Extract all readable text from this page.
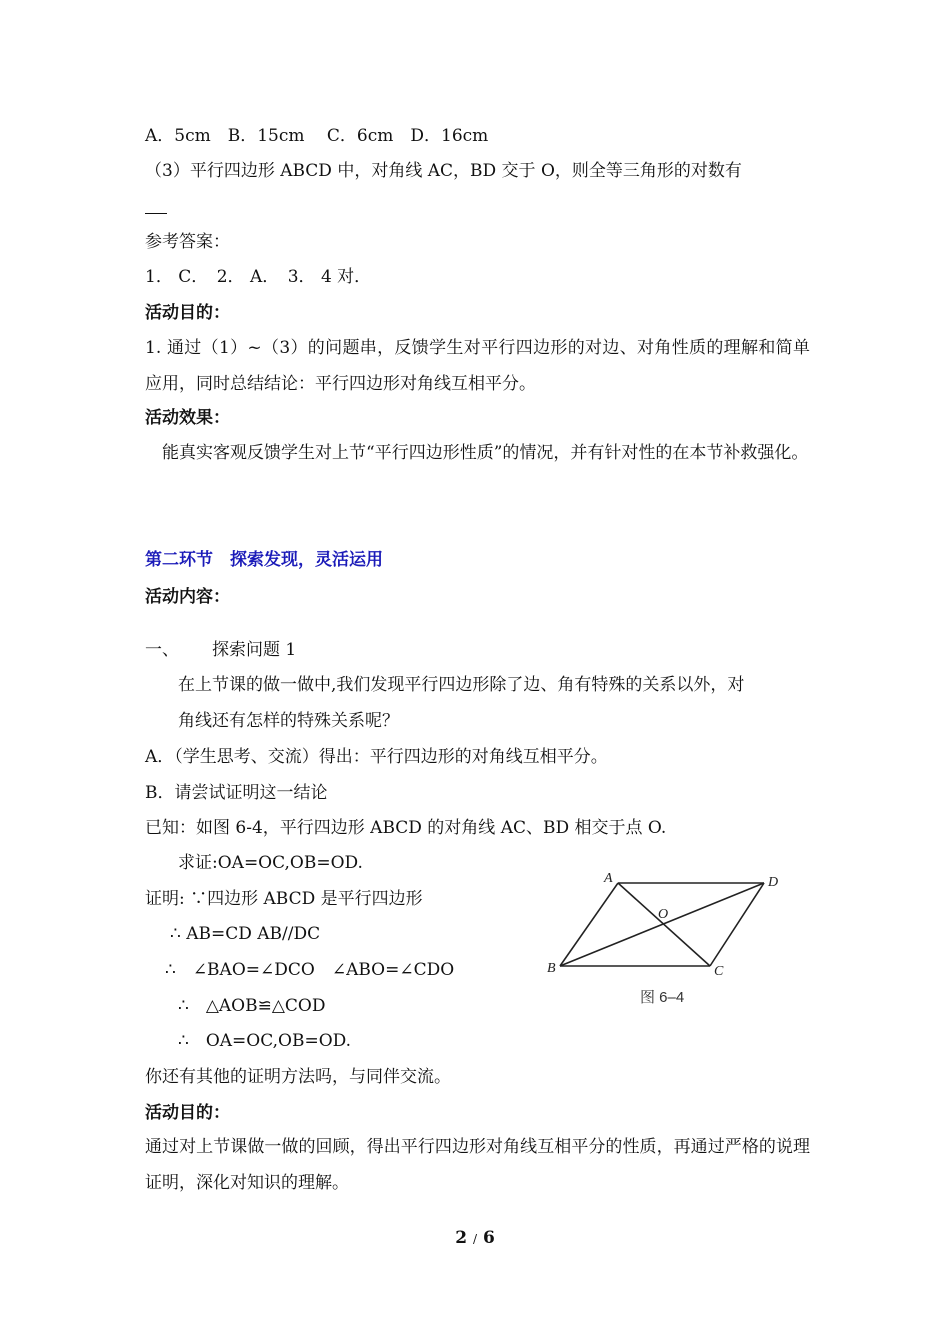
A．5cm　B．15cm 　C．6cm　D．16cm
（3）平行四边形 ABCD 中，对角线 AC，BD 交于 O，则全等三角形的对数有
参考答案：
1． C．　2． A．　3． 4 对．
活动目的：
1. 通过（1）~（3）的问题串，反馈学生对平行四边形的对边、对角性质的理解和简单应用，同时总结结论：平行四边形对角线互相平分。
活动效果：
　能真实客观反馈学生对上节“平行四边形性质”的情况，并有针对性的在本节补救强化。
第二环节　探索发现，灵活运用
活动内容：
一、 探索问题 1
在上节课的做一做中,我们发现平行四边形除了边、角有特殊的关系以外，对
角线还有怎样的特殊关系呢？
A．（学生思考、交流）得出：平行四边形的对角线互相平分。
B．请尝试证明这一结论
已知：如图 6-4，平行四边形 ABCD 的对角线 AC、BD 相交于点 O.
求证:OA=OC,OB=OD.
证明: ∵四边形 ABCD 是平行四边形
∴ AB=CD AB//DC
∴　∠BAO=∠DCO　∠ABO=∠CDO
∴　△AOB≌△COD
∴　OA=OC,OB=OD.
你还有其他的证明方法吗，与同伴交流。
活动目的：
通过对上节课做一做的回顾，得出平行四边形对角线互相平分的性质，再通过严格的说理证明，深化对知识的理解。
A	D
O
B	C
图 6–4
2 / 6
